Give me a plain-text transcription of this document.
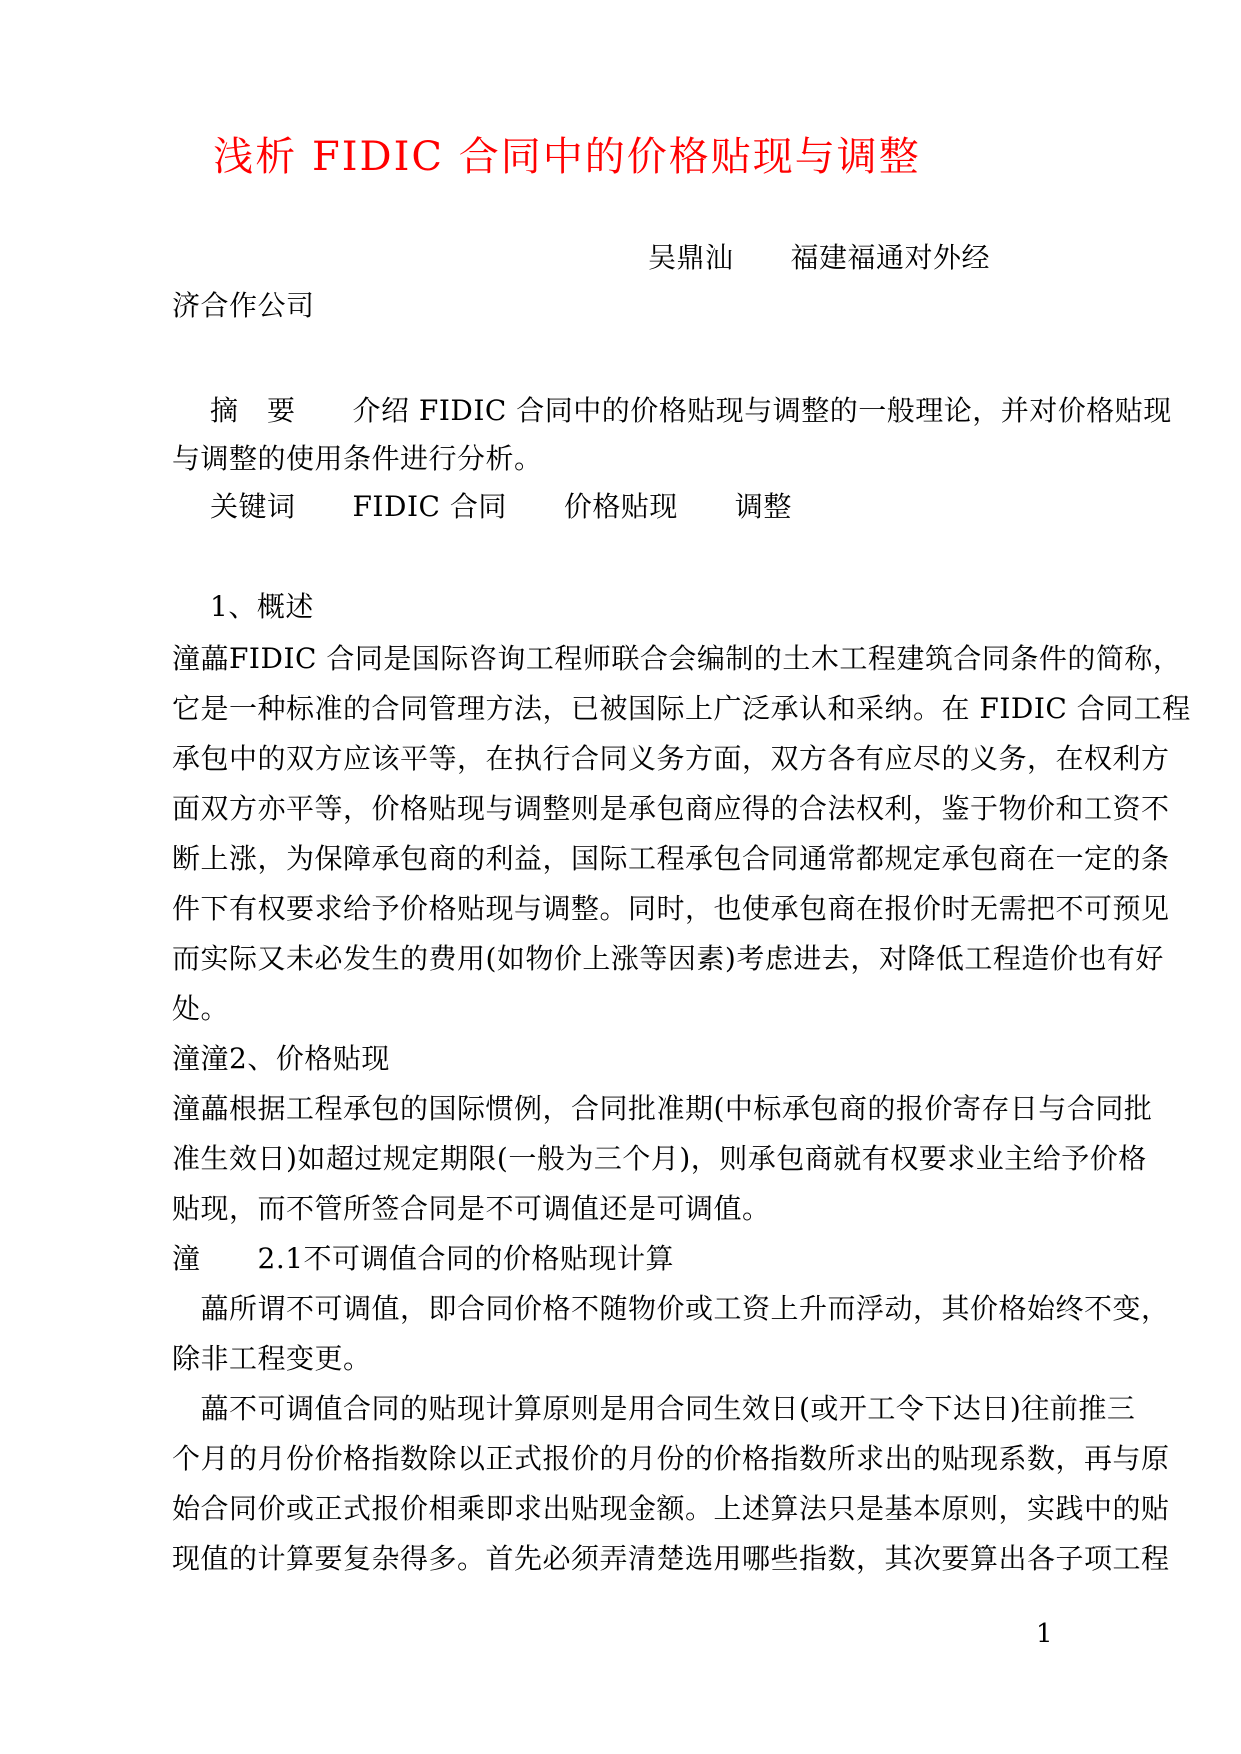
浅析 FIDIC 合同中的价格贴现与调整
吴鼎汕　　福建福通对外经
济合作公司
摘　要　　介绍 FIDIC 合同中的价格贴现与调整的一般理论，并对价格贴现
与调整的使用条件进行分析。
关键词　　FIDIC 合同　　价格贴现　　调整
1、概述
潼藟FIDIC 合同是国际咨询工程师联合会编制的土木工程建筑合同条件的简称，
它是一种标准的合同管理方法，已被国际上广泛承认和采纳。在 FIDIC 合同工程
承包中的双方应该平等，在执行合同义务方面，双方各有应尽的义务，在权利方
面双方亦平等，价格贴现与调整则是承包商应得的合法权利，鉴于物价和工资不
断上涨，为保障承包商的利益，国际工程承包合同通常都规定承包商在一定的条
件下有权要求给予价格贴现与调整。同时，也使承包商在报价时无需把不可预见
而实际又未必发生的费用(如物价上涨等因素)考虑进去，对降低工程造价也有好
处。
潼潼2、价格贴现
潼藟根据工程承包的国际惯例，合同批准期(中标承包商的报价寄存日与合同批
准生效日)如超过规定期限(一般为三个月)，则承包商就有权要求业主给予价格
贴现，而不管所签合同是不可调值还是可调值。
潼　　2.1不可调值合同的价格贴现计算
　藟所谓不可调值，即合同价格不随物价或工资上升而浮动，其价格始终不变，
除非工程变更。
　藟不可调值合同的贴现计算原则是用合同生效日(或开工令下达日)往前推三
个月的月份价格指数除以正式报价的月份的价格指数所求出的贴现系数，再与原
始合同价或正式报价相乘即求出贴现金额。上述算法只是基本原则，实践中的贴
现值的计算要复杂得多。首先必须弄清楚选用哪些指数，其次要算出各子项工程
1
